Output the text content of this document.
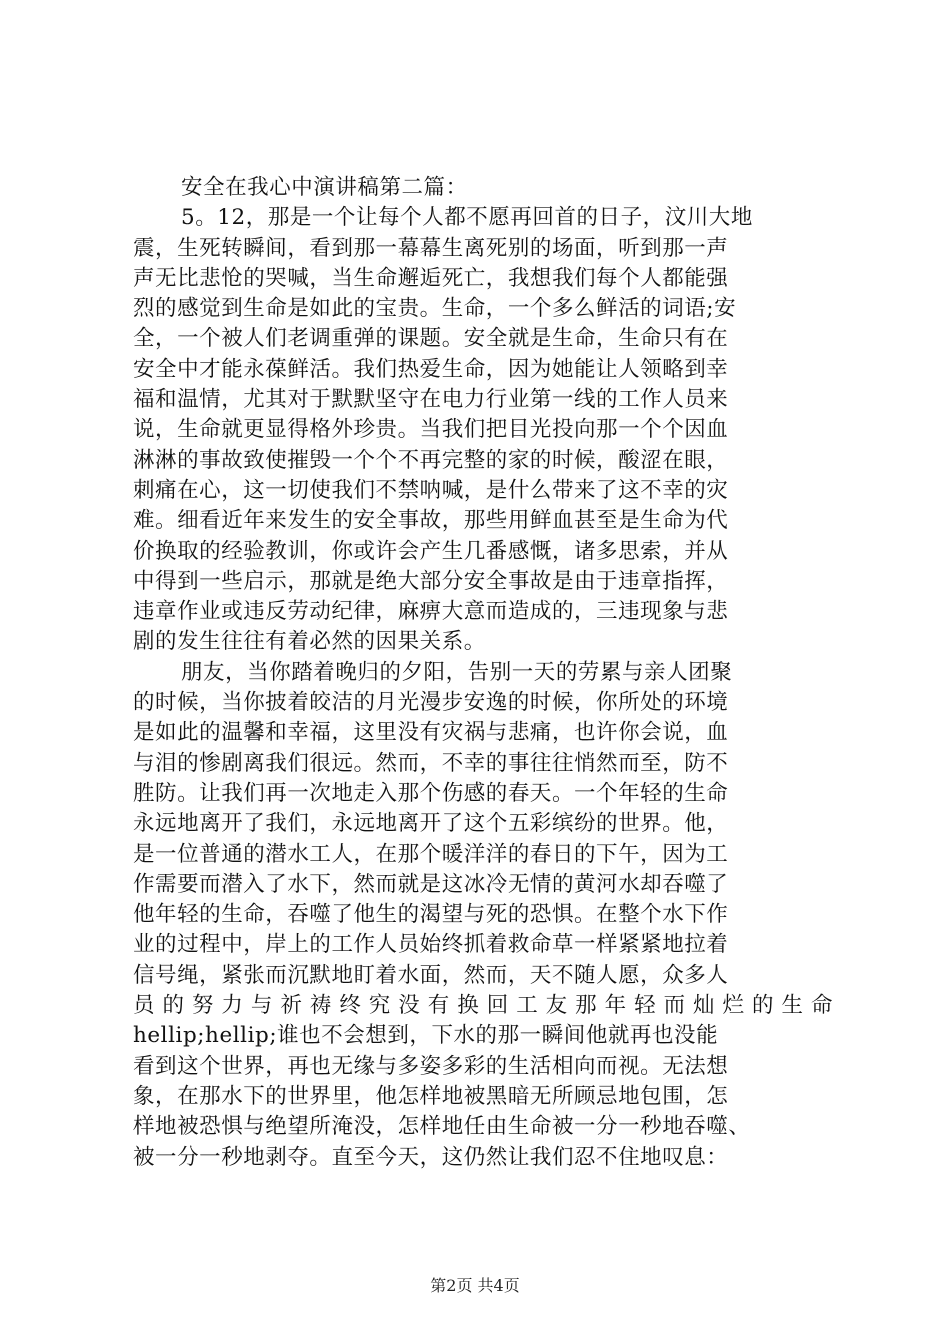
安全在我心中演讲稿第二篇：
5。12，那是一个让每个人都不愿再回首的日子，汶川大地
震，生死转瞬间，看到那一幕幕生离死别的场面，听到那一声
声无比悲怆的哭喊，当生命邂逅死亡，我想我们每个人都能强
烈的感觉到生命是如此的宝贵。生命，一个多么鲜活的词语;安
全，一个被人们老调重弹的课题。安全就是生命，生命只有在
安全中才能永葆鲜活。我们热爱生命，因为她能让人领略到幸
福和温情，尤其对于默默坚守在电力行业第一线的工作人员来
说，生命就更显得格外珍贵。当我们把目光投向那一个个因血
淋淋的事故致使摧毁一个个不再完整的家的时候，酸涩在眼，
刺痛在心，这一切使我们不禁呐喊，是什么带来了这不幸的灾
难。细看近年来发生的安全事故，那些用鲜血甚至是生命为代
价换取的经验教训，你或许会产生几番感慨，诸多思索，并从
中得到一些启示，那就是绝大部分安全事故是由于违章指挥，
违章作业或违反劳动纪律，麻痹大意而造成的，三违现象与悲
剧的发生往往有着必然的因果关系。
朋友，当你踏着晚归的夕阳，告别一天的劳累与亲人团聚
的时候，当你披着皎洁的月光漫步安逸的时候，你所处的环境
是如此的温馨和幸福，这里没有灾祸与悲痛，也许你会说，血
与泪的惨剧离我们很远。然而，不幸的事往往悄然而至，防不
胜防。让我们再一次地走入那个伤感的春天。一个年轻的生命
永远地离开了我们，永远地离开了这个五彩缤纷的世界。他，
是一位普通的潜水工人，在那个暖洋洋的春日的下午，因为工
作需要而潜入了水下，然而就是这冰冷无情的黄河水却吞噬了
他年轻的生命，吞噬了他生的渴望与死的恐惧。在整个水下作
业的过程中，岸上的工作人员始终抓着救命草一样紧紧地拉着
信号绳，紧张而沉默地盯着水面，然而，天不随人愿，众多人
员的努力与祈祷终究没有换回工友那年轻而灿烂的生命
hellip;hellip;谁也不会想到，下水的那一瞬间他就再也没能
看到这个世界，再也无缘与多姿多彩的生活相向而视。无法想
象，在那水下的世界里，他怎样地被黑暗无所顾忌地包围，怎
样地被恐惧与绝望所淹没，怎样地任由生命被一分一秒地吞噬、
被一分一秒地剥夺。直至今天，这仍然让我们忍不住地叹息：
第2页 共4页
